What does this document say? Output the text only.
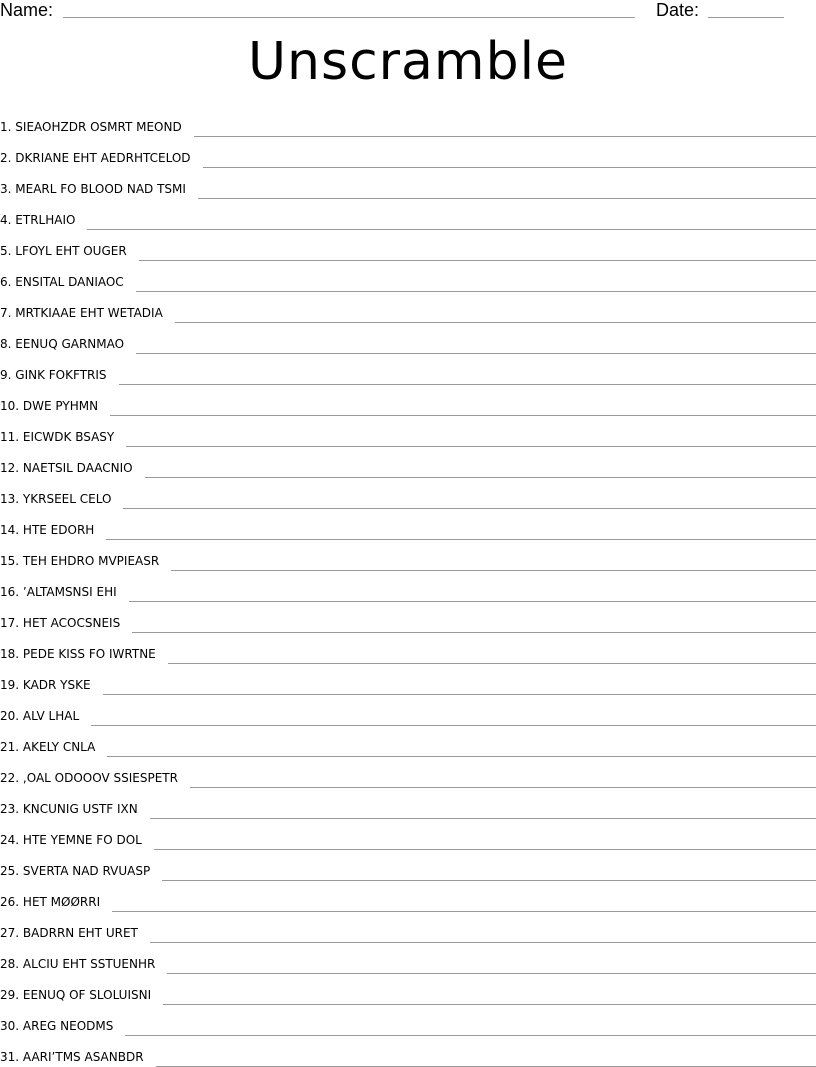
Name:	Date:
Unscramble
1. SIEAOHZDR OSMRT MEOND
2. DKRIANE EHT AEDRHTCELOD
3. MEARL FO BLOOD NAD TSMI
4. ETRLHAIO
5. LFOYL EHT OUGER
6. ENSITAL DANIAOC
7. MRTKIAAE EHT WETADIA
8. EENUQ GARNMAO
9. GINK FOKFTRIS
10. DWE PYHMN
11. EICWDK BSASY
12. NAETSIL DAACNIO
13. YKRSEEL CELO
14. HTE EDORH
15. TEH EHDRO MVPIEASR
16. ’ALTAMSNSI EHI
17. HET ACOCSNEIS
18. PEDE KISS FO IWRTNE
19. KADR YSKE
20. ALV LHAL
21. AKELY CNLA
22. ,OAL ODOOOV SSIESPETR
23. KNCUNIG USTF IXN
24. HTE YEMNE FO DOL
25. SVERTA NAD RVUASP
26. HET MØØRRI
27. BADRRN EHT URET
28. ALCIU EHT SSTUENHR
29. EENUQ OF SLOLUISNI
30. AREG NEODMS
31. AARI’TMS ASANBDR
